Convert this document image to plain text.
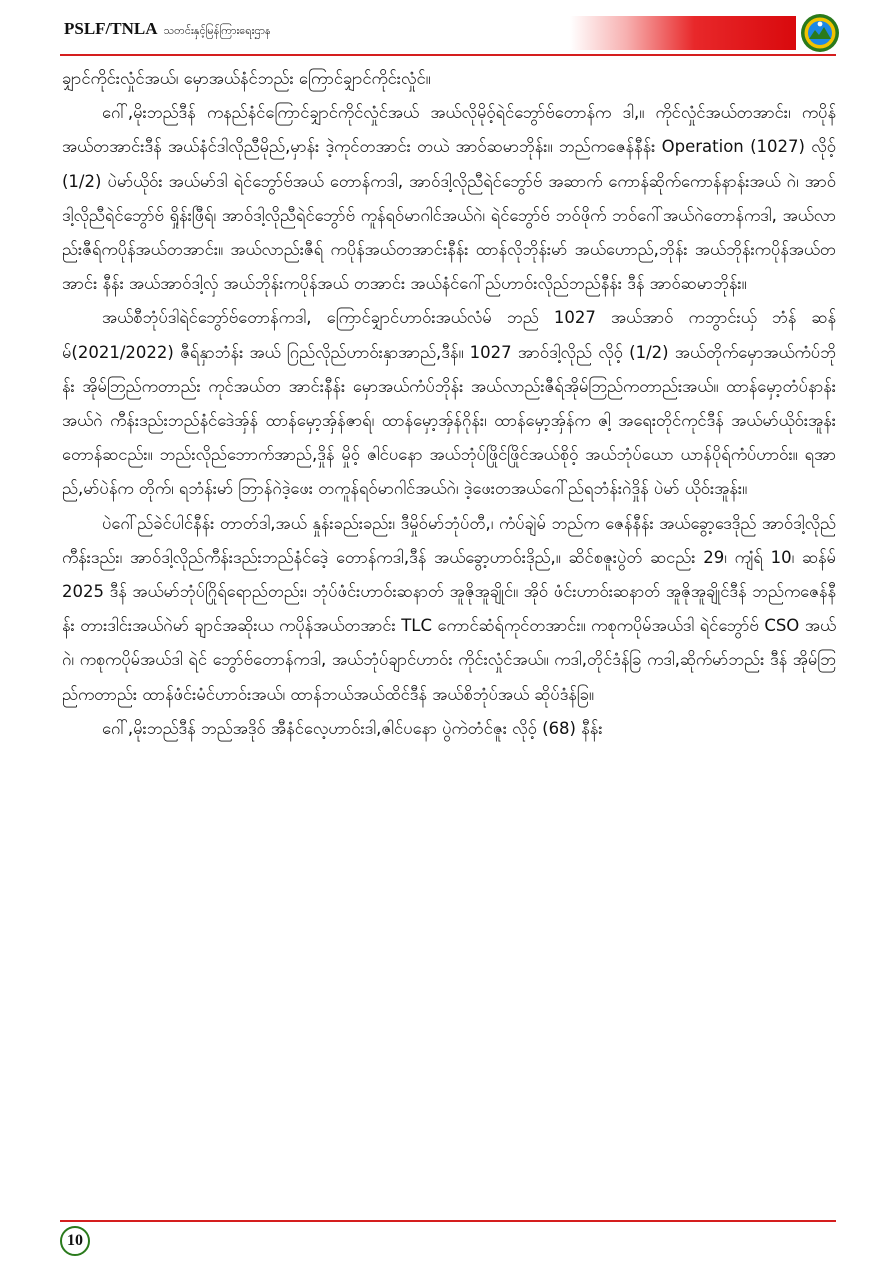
PSLF/TNLA သတင်းနှင့်မြန်ကြားရေးဌာန

ချှာင်ကိုင်းလှုံင်အယ်၊ မှောအယ်နံင်ဘည်း ကြောင်ချှာင်ကိုင်းလှုံင်။

ဂေါ်,မိုးဘည်ဒီန် ကနည်နံင်ကြောင်ချှာင်ကိုင်လှုံင်အယ် အယ်လိုမိုဝ့်ရဲင်ဘွော်ဗ်တောန်က ဒါ,။ ကိုင်လှုံင်အယ်တအာင်း၊ ကပိုန်အယ်တအာင်းဒီန် အယ်နံင်ဒါလိုညီမိုည်,မှာန်း ဒဲ့ကုင်တအာင်း တယဲ အာဝ်ဆမာဘိုန်း။ ဘည်ကဇေန်နီန်း Operation (1027) လိုဝ့် (1/2) ပဲမာ်ယိုဝ်း အယ်မာ်ဒါ ရဲင်ဘွော်ဗ်အယ် တောန်ကဒါ, အာဝ်ဒါ့လိုညီရဲင်ဘွော်ဗ် အဆာက် ကောန်ဆိုက်ကောန်နာန်းအယ် ဂဲ၊ အာဝ်ဒါ့လိုညီရဲင်ဘွော်ဗ် ရှိုန်းဖြီရ်၊ အာဝ်ဒါ့လိုညီရဲင်ဘွော်ဗ် ကူန်ရဝ်မာဂါင်အယ်ဂဲ၊ ရဲင်ဘွော်ဗ် ဘဝ်ဖိုက် ဘဝ်ဂေါ်အယ်ဂဲတောန်ကဒါ, အယ်လာည်းဇီရ်ကပိုန်အယ်တအာင်း။ အယ်လာည်းဇီရ် ကပိုန်အယ်တအာင်းနီန်း ထာန်လိုဘိုန်းမာ် အယ်ဟောည်,ဘိုန်း အယ်ဘိုန်းကပိုန်အယ်တအာင်း နီန်း အယ်အာဝ်ဒါ့လှ် အယ်ဘိုန်းကပိုန်အယ် တအာင်း အယ်နံင်ဂေါ်ည်ဟာဝ်းလိုည်ဘည်နီန်း ဒီန် အာဝ်ဆမာဘိုန်း။

အယ်စီဘုံပ်ဒါရဲင်ဘွော်ဗ်တောန်ကဒါ, ကြောင်ချှာင်ဟာဝ်းအယ်လံမ် ဘည် 1027 အယ်အာဝ် ကဘွာင်းယှ် ဘံန် ဆန်မ်(2021/2022) ဇီရ်နှာဘံန်း အယ် ဂြည်လိုည်ဟာဝ်းနှာအာည်,ဒီန်။ 1027 အာဝ်ဒါ့လိုည် လိုဝ့် (1/2) အယ်တိုက်မှောအယ်ကံပ်ဘိုန်း အိုမ်ဘြည်ကတာည်း ကုင်အယ်တ အာင်းနီန်း မှောအယ်ကံပ်ဘိုန်း အယ်လာည်းဇီရ်အိုမ်ဘြည်ကတာည်းအယ်။ ထာန်မှော့တံပ်နာန်း အယ်ဂဲ ကီန်းဒည်းဘည်နံင်ဒေဲအှ်န် ထာန်မှော့အှ်န်ဇာရ်၊ ထာန်မှော့အှ်န်ဂိုန်း၊ ထာန်မှော့အှ်န်က ဇါ့ အရေးတိုင်ကုင်ဒီန် အယ်မာ်ယိုဝ်းအူန်း တောန်ဆငည်း။ ဘည်းလိုည်ဘောက်အာည်,ဒှိုန် မှိုဝ့် ဇါင်ပနော အယ်ဘုံပ်ဖြိုင်ဖြိုင်အယ်စိုဝ့် အယ်ဘုံပ်ယော ယာန်ပိုရ်ကံပ်ဟာဝ်း။ ရအာည်,မာ်ပဲန်က တိုက်၊ ရဘံန်းမာ် ဘြာန်ဂဲဒဲ့ဖေး တကူန်ရဝ်မာဂါင်အယ်ဂဲ၊ ဒဲ့ဖေးတအယ်ဂေါ်ည်ရဘံန်းဂဲဒှိုန် ပဲမာ် ယိုဝ်းအူန်း။

ပဲဂေါ်ည်ခဲင်ပါင်နီန်း တာတ်ဒါ,အယ် နှုန်းခည်းခည်း၊ ဒီမှိုဝ်မာ်ဘုံပ်တီ,၊ ကံပ်ချဲမ် ဘည်က ဇေန်နီန်း အယ်ခွော့ဒေဒိုည် အာဝ်ဒါ့လိုည်ကီန်းဒည်း၊ အာဝ်ဒါ့လိုည်ကီန်းဒည်းဘည်နံင်ဒေဲ့ တောန်ကဒါ,ဒီန် အယ်ခွော့ဟာဝ်းဒိုည်,။ ဆိင်စဇူးပွဲတ် ဆငည်း 29၊ ကျံရ် 10၊ ဆန်မ် 2025 ဒီန် အယ်မာ်ဘုံပ်ဂြိုရ်ရောည်တည်း၊ ဘုံပ်ဖံင်းဟာဝ်းဆနာတ် အူဇိုအူချိုင်။ အိုဝ် ဖံင်းဟာဝ်းဆနာတ် အူဇိုအူချိုင်ဒီန် ဘည်ကဇေန်နီန်း တားဒါင်းအယ်ဂဲမာ် ချာင်အဆိုးယ ကပိုန်အယ်တအာင်း TLC ကောင်ဆံရ်ကုင်တအာင်း။ ကစုကပိုမ်အယ်ဒါ ရဲင်ဘွော်ဗ် CSO အယ်ဂဲ၊ ကစုကပိုမ်အယ်ဒါ ရဲင် ဘွော်ဗ်တောန်ကဒါ, အယ်ဘုံပ်ချာင်ဟာဝ်း ကိုင်းလှုံင်အယ်။ ကဒါ,တိုင်ဒံန်ခြ ကဒါ,ဆိုက်မာ်ဘည်း ဒီန် အိုမ်ဘြည်ကတာည်း ထာန်ဖံင်းမံင်ဟာဝ်းအယ်၊ ထာန်ဘယ်အယ်ထိင်ဒီန် အယ်စိဘုံပ်အယ် ဆိုပ်ဒံန်ခြ။

ဂေါ်,မိုးဘည်ဒီန် ဘည်အဒိုဝ် အီနံင်လေ့ဟာဝ်းဒါ,ဇါင်ပနော ပွဲကဲတံင်ဇူး လိုဝ့် (68) နီန်း

10
